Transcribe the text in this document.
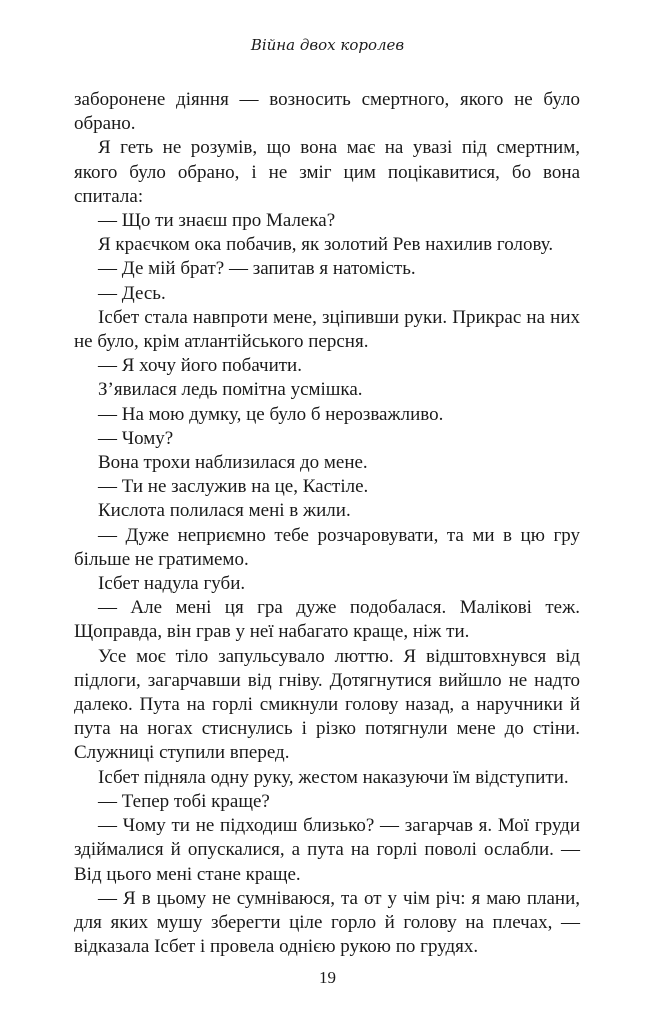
Війна двох королев

заборонене діяння — возносить смертного, якого не було обрано.

Я геть не розумів, що вона має на увазі під смертним, якого було обрано, і не зміг цим поцікавитися, бо вона спитала:

— Що ти знаєш про Малека?

Я краєчком ока побачив, як золотий Рев нахилив голову.

— Де мій брат? — запитав я натомість.

— Десь.

Ісбет стала навпроти мене, зціпивши руки. Прикрас на них не було, крім атлантійського персня.

— Я хочу його побачити.

З’явилася ледь помітна усмішка.

— На мою думку, це було б нерозважливо.

— Чому?

Вона трохи наблизилася до мене.

— Ти не заслужив на це, Кастіле.

Кислота полилася мені в жили.

— Дуже неприємно тебе розчаровувати, та ми в цю гру більше не гратимемо.

Ісбет надула губи.

— Але мені ця гра дуже подобалася. Малікові теж. Щоправда, він грав у неї набагато краще, ніж ти.

Усе моє тіло запульсувало люттю. Я відштовхнувся від підлоги, загарчавши від гніву. Дотягнутися вийшло не надто далеко. Пута на горлі смикнули голову назад, а наручники й пута на ногах стиснулись і різко потягнули мене до стіни. Служниці ступили вперед.

Ісбет підняла одну руку, жестом наказуючи їм відступити.

— Тепер тобі краще?

— Чому ти не підходиш близько? — загарчав я. Мої груди здіймалися й опускалися, а пута на горлі поволі ослабли. — Від цього мені стане краще.

— Я в цьому не сумніваюся, та от у чім річ: я маю плани, для яких мушу зберегти ціле горло й голову на плечах, — відказала Ісбет і провела однією рукою по грудях.

19
